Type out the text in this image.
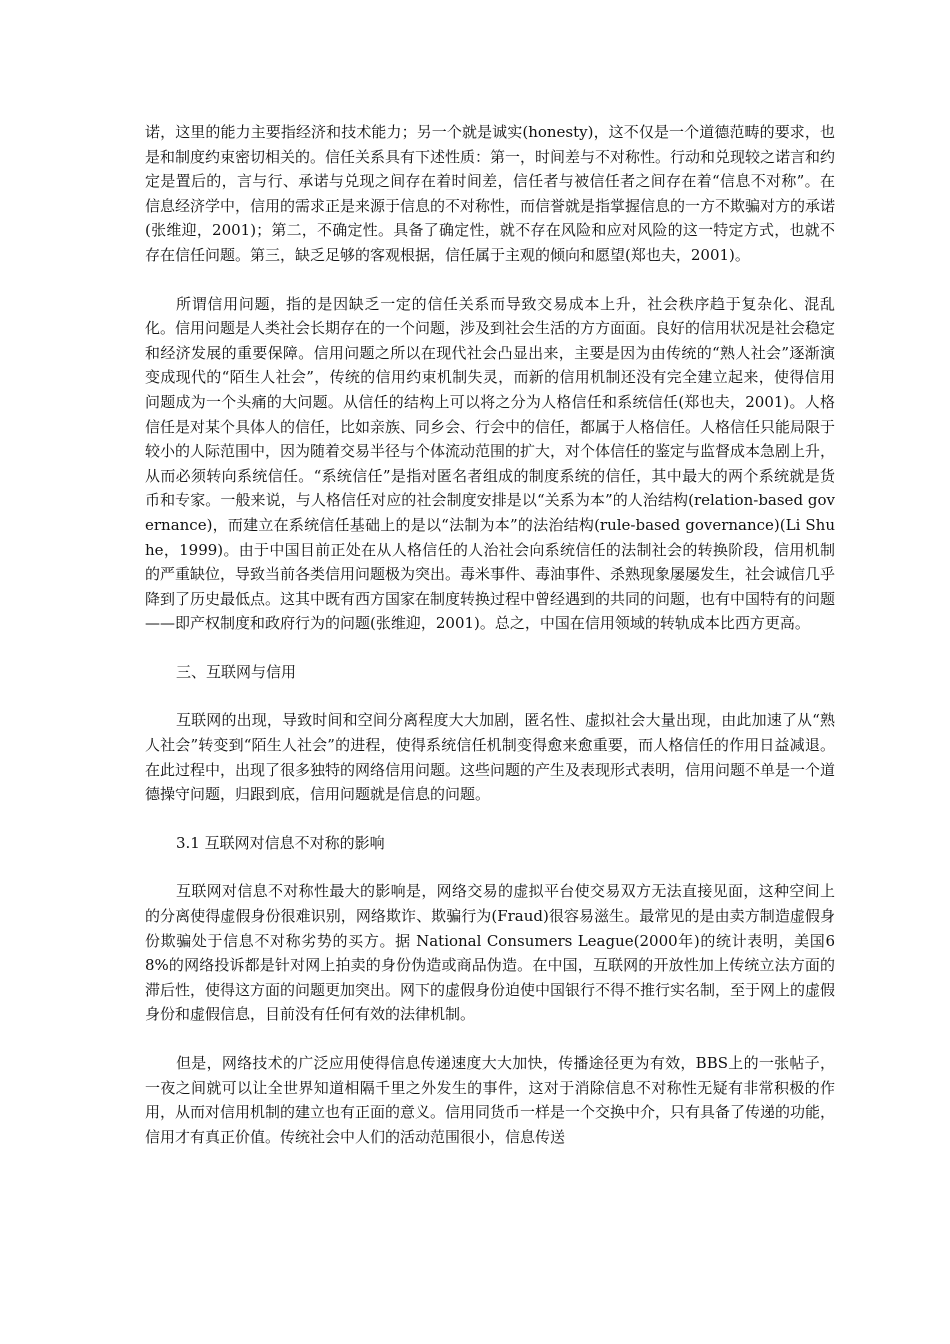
诺，这里的能力主要指经济和技术能力；另一个就是诚实(honesty)，这不仅是一个道德范畴的要求，也是和制度约束密切相关的。信任关系具有下述性质：第一，时间差与不对称性。行动和兑现较之诺言和约定是置后的，言与行、承诺与兑现之间存在着时间差，信任者与被信任者之间存在着“信息不对称”。在信息经济学中，信用的需求正是来源于信息的不对称性，而信誉就是指掌握信息的一方不欺骗对方的承诺(张维迎，2001)；第二，不确定性。具备了确定性，就不存在风险和应对风险的这一特定方式，也就不存在信任问题。第三，缺乏足够的客观根据，信任属于主观的倾向和愿望(郑也夫，2001)。

所谓信用问题，指的是因缺乏一定的信任关系而导致交易成本上升，社会秩序趋于复杂化、混乱化。信用问题是人类社会长期存在的一个问题，涉及到社会生活的方方面面。良好的信用状况是社会稳定和经济发展的重要保障。信用问题之所以在现代社会凸显出来，主要是因为由传统的“熟人社会”逐渐演变成现代的“陌生人社会”，传统的信用约束机制失灵，而新的信用机制还没有完全建立起来，使得信用问题成为一个头痛的大问题。从信任的结构上可以将之分为人格信任和系统信任(郑也夫，2001)。人格信任是对某个具体人的信任，比如亲族、同乡会、行会中的信任，都属于人格信任。人格信任只能局限于较小的人际范围中，因为随着交易半径与个体流动范围的扩大，对个体信任的鉴定与监督成本急剧上升，从而必须转向系统信任。“系统信任”是指对匿名者组成的制度系统的信任，其中最大的两个系统就是货币和专家。一般来说，与人格信任对应的社会制度安排是以“关系为本”的人治结构(relation-based governance)，而建立在系统信任基础上的是以“法制为本”的法治结构(rule-based governance)(Li Shuhe，1999)。由于中国目前正处在从人格信任的人治社会向系统信任的法制社会的转换阶段，信用机制的严重缺位，导致当前各类信用问题极为突出。毒米事件、毒油事件、杀熟现象屡屡发生，社会诚信几乎降到了历史最低点。这其中既有西方国家在制度转换过程中曾经遇到的共同的问题，也有中国特有的问题——即产权制度和政府行为的问题(张维迎，2001)。总之，中国在信用领域的转轨成本比西方更高。

三、互联网与信用

互联网的出现，导致时间和空间分离程度大大加剧，匿名性、虚拟社会大量出现，由此加速了从“熟人社会”转变到“陌生人社会”的进程，使得系统信任机制变得愈来愈重要，而人格信任的作用日益减退。在此过程中，出现了很多独特的网络信用问题。这些问题的产生及表现形式表明，信用问题不单是一个道德操守问题，归跟到底，信用问题就是信息的问题。

3.1 互联网对信息不对称的影响

互联网对信息不对称性最大的影响是，网络交易的虚拟平台使交易双方无法直接见面，这种空间上的分离使得虚假身份很难识别，网络欺诈、欺骗行为(Fraud)很容易滋生。最常见的是由卖方制造虚假身份欺骗处于信息不对称劣势的买方。据 National Consumers League(2000年)的统计表明，美国68%的网络投诉都是针对网上拍卖的身份伪造或商品伪造。在中国，互联网的开放性加上传统立法方面的滞后性，使得这方面的问题更加突出。网下的虚假身份迫使中国银行不得不推行实名制，至于网上的虚假身份和虚假信息，目前没有任何有效的法律机制。

但是，网络技术的广泛应用使得信息传递速度大大加快，传播途径更为有效，BBS上的一张帖子，一夜之间就可以让全世界知道相隔千里之外发生的事件，这对于消除信息不对称性无疑有非常积极的作用，从而对信用机制的建立也有正面的意义。信用同货币一样是一个交换中介，只有具备了传递的功能，信用才有真正价值。传统社会中人们的活动范围很小，信息传送
